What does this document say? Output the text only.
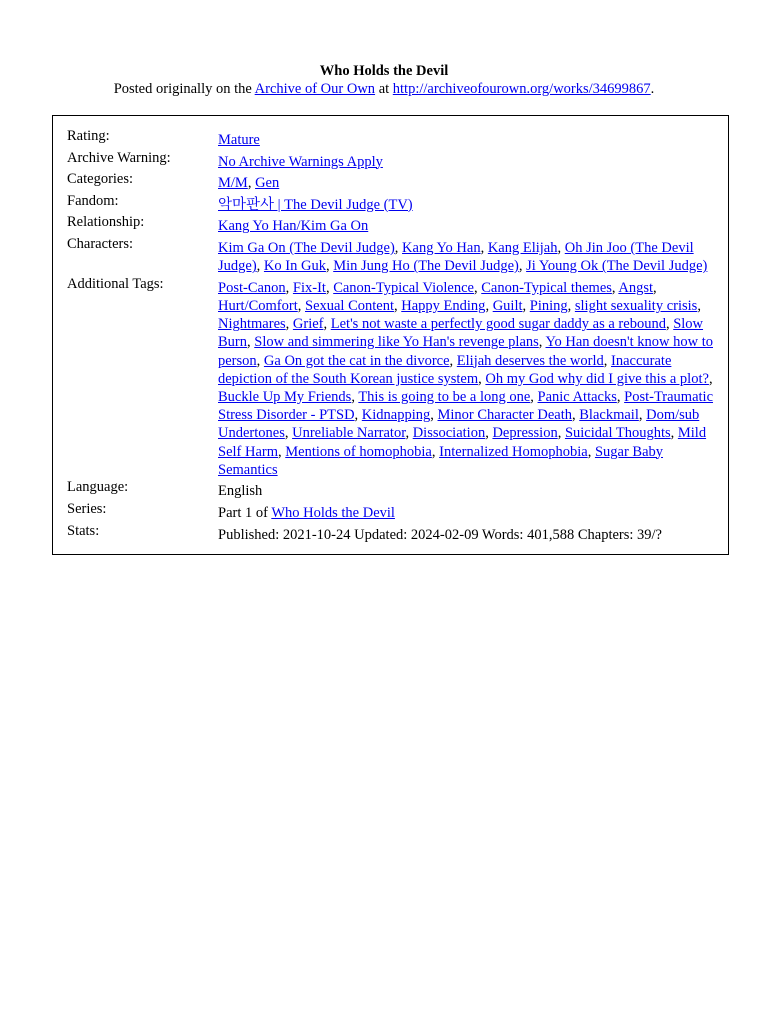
Who Holds the Devil
Posted originally on the Archive of Our Own at http://archiveofourown.org/works/34699867.
Rating:	Mature
Archive Warning:	No Archive Warnings Apply
Categories:	M/M, Gen
Fandom:	악마판사 | The Devil Judge (TV)
Relationship:	Kang Yo Han/Kim Ga On
Characters:	Kim Ga On (The Devil Judge), Kang Yo Han, Kang Elijah, Oh Jin Joo (The Devil Judge), Ko In Guk, Min Jung Ho (The Devil Judge), Ji Young Ok (The Devil Judge)
Additional Tags:	Post-Canon, Fix-It, Canon-Typical Violence, Canon-Typical themes, Angst, Hurt/Comfort, Sexual Content, Happy Ending, Guilt, Pining, slight sexuality crisis, Nightmares, Grief, Let's not waste a perfectly good sugar daddy as a rebound, Slow Burn, Slow and simmering like Yo Han's revenge plans, Yo Han doesn't know how to person, Ga On got the cat in the divorce, Elijah deserves the world, Inaccurate depiction of the South Korean justice system, Oh my God why did I give this a plot?, Buckle Up My Friends, This is going to be a long one, Panic Attacks, Post-Traumatic Stress Disorder - PTSD, Kidnapping, Minor Character Death, Blackmail, Dom/sub Undertones, Unreliable Narrator, Dissociation, Depression, Suicidal Thoughts, Mild Self Harm, Mentions of homophobia, Internalized Homophobia, Sugar Baby Semantics
Language:	English
Series:	Part 1 of Who Holds the Devil
Stats:	Published: 2021-10-24 Updated: 2024-02-09 Words: 401,588 Chapters: 39/?
